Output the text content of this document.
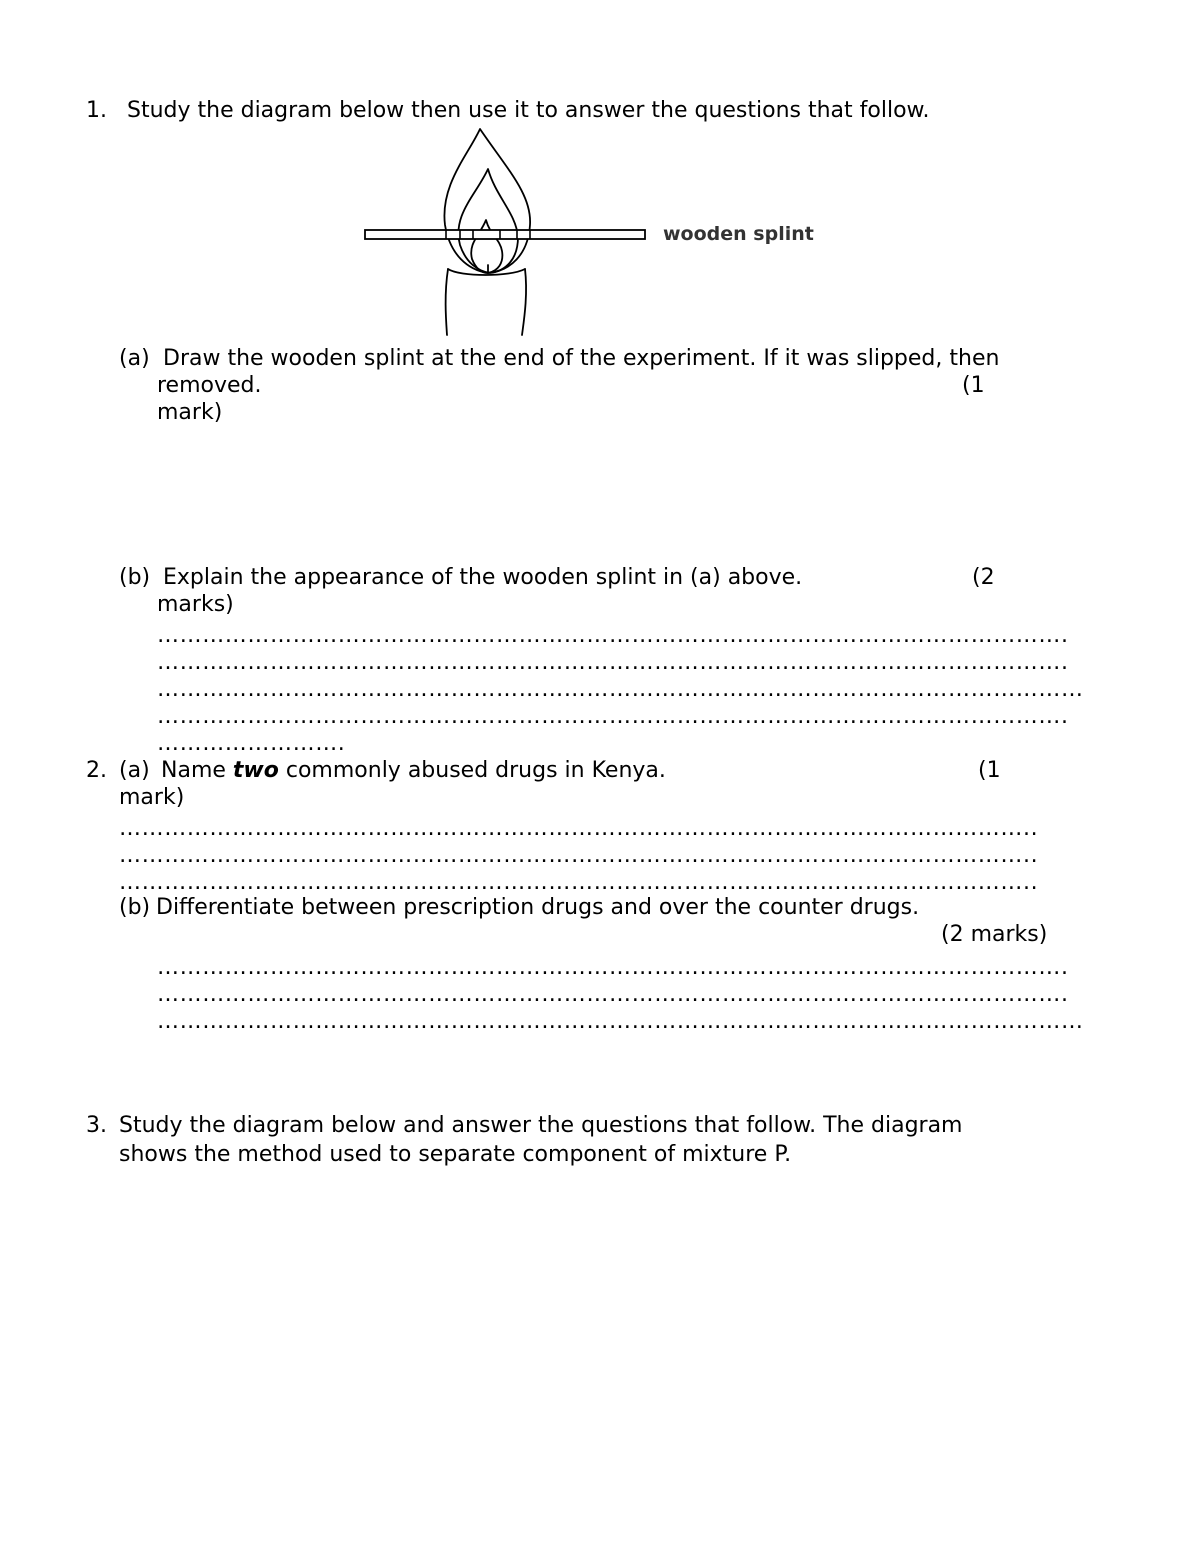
1. Study the diagram below then use it to answer the questions that follow.
wooden splint
(a) Draw the wooden splint at the end of the experiment. If it was slipped, then
removed.	(1
mark)
(b) Explain the appearance of the wooden splint in (a) above.	(2
marks)
………………………………………………………………………………………………………….
………………………………………………………………………………………………………….
……………………………………………………………………………………………………………
………………………………………………………………………………………………………….
…………………….
2. (a) Name two commonly abused drugs in Kenya.	(1
mark)
…………………………………………………………………………………………………………..
…………………………………………………………………………………………………………..
…………………………………………………………………………………………………………..
(b) Differentiate between prescription drugs and over the counter drugs.
(2 marks)
………………………………………………………………………………………………………….
………………………………………………………………………………………………………….
……………………………………………………………………………………………………………
3. Study the diagram below and answer the questions that follow. The diagram
shows the method used to separate component of mixture P.
